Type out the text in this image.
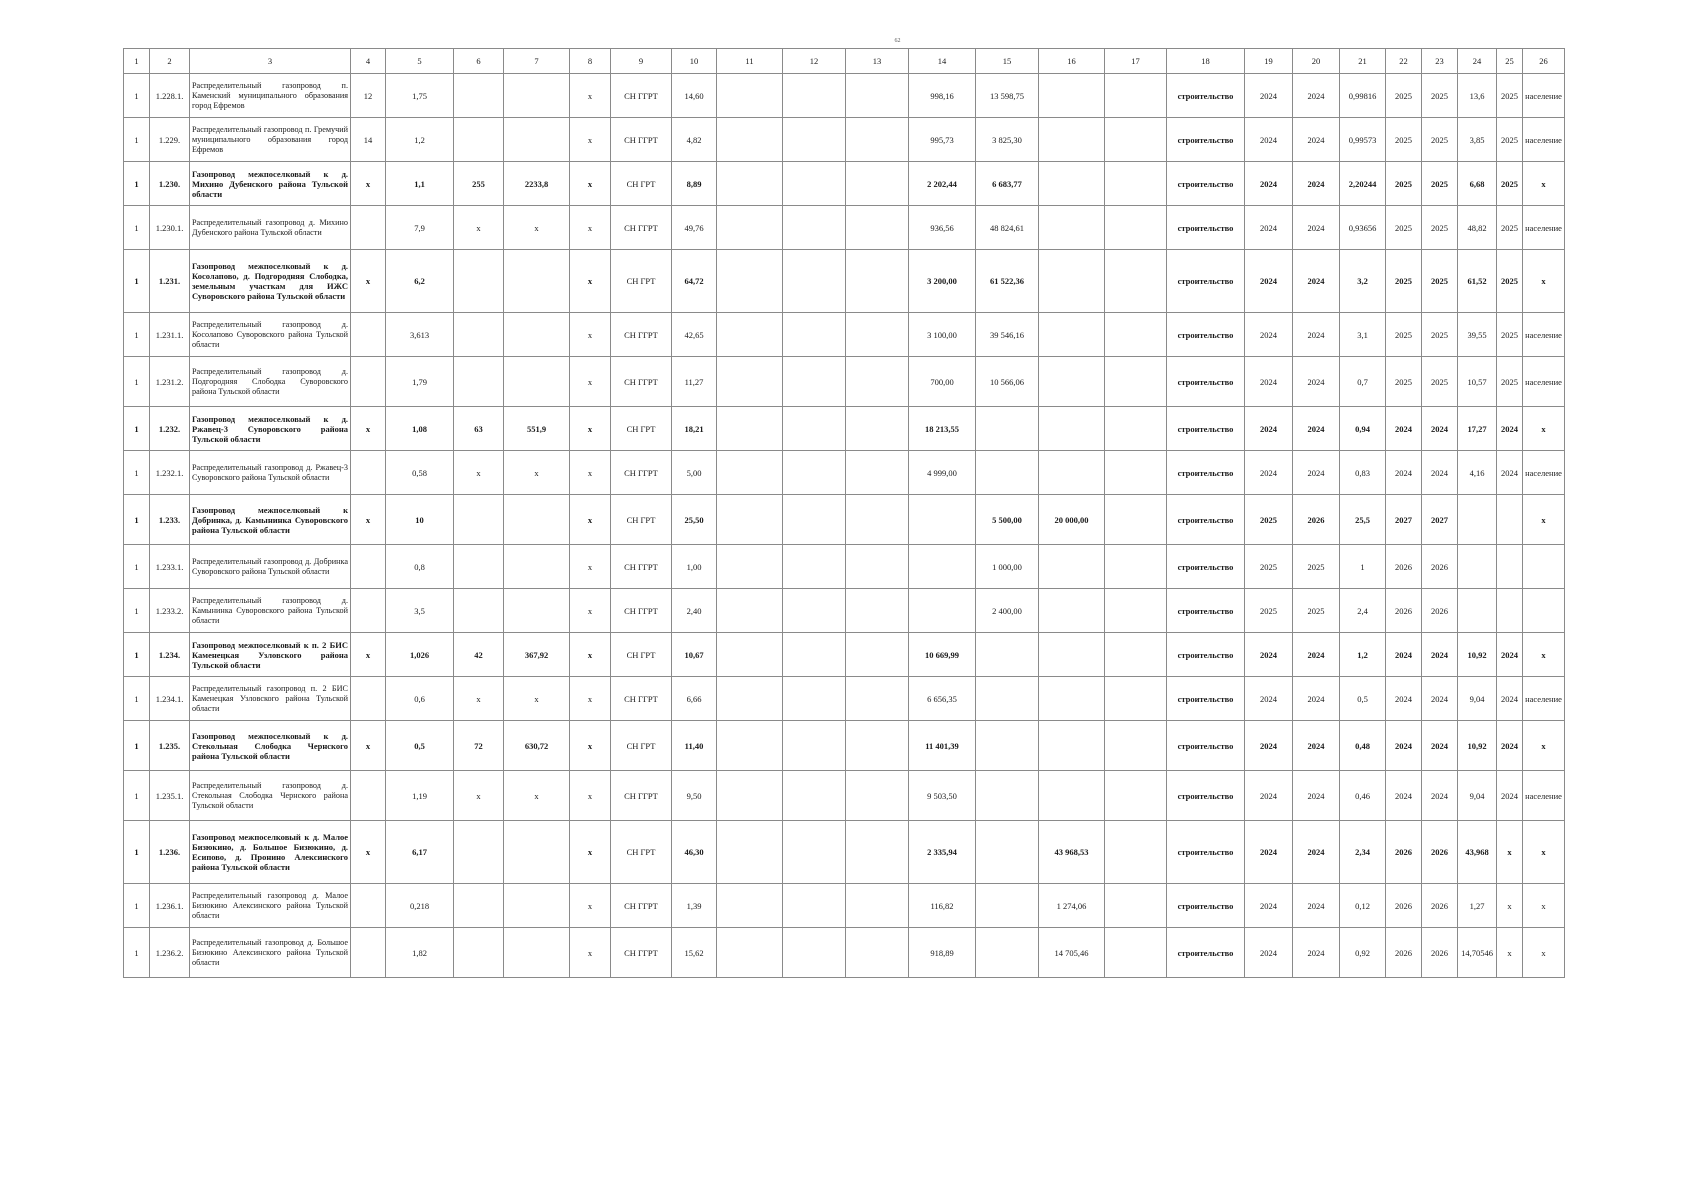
62
1	2	3	4	5	6	7	8	9	10	11	12	13	14	15	16	17	18	19	20	21	22	23	24	25	26
1	1.228.1.	Распределительный газопровод п. Каменский муниципального образования город Ефремов	12	1,75			x	СН ГГРТ	14,60				998,16	13 598,75			строительство	2024	2024	0,99816	2025	2025	13,6	2025	население
1	1.229.	Распределительный газопровод п. Гремучий муниципального образования город Ефремов	14	1,2			x	СН ГГРТ	4,82				995,73	3 825,30			строительство	2024	2024	0,99573	2025	2025	3,85	2025	население
1	1.230.	Газопровод межпоселковый к д. Михино Дубенского района Тульской области	x	1,1	255	2233,8	x	СН ГРТ	8,89				2 202,44	6 683,77			строительство	2024	2024	2,20244	2025	2025	6,68	2025	x
1	1.230.1.	Распределительный газопровод д. Михино Дубенского района Тульской области		7,9	x	x	x	СН ГГРТ	49,76				936,56	48 824,61			строительство	2024	2024	0,93656	2025	2025	48,82	2025	население
1	1.231.	Газопровод межпоселковый к д. Косолапово, д. Подгородняя Слободка, земельным участкам для ИЖС Суворовского района Тульской области	x	6,2			x	СН ГРТ	64,72				3 200,00	61 522,36			строительство	2024	2024	3,2	2025	2025	61,52	2025	x
1	1.231.1.	Распределительный газопровод д. Косолапово Суворовского района Тульской области		3,613			x	СН ГГРТ	42,65				3 100,00	39 546,16			строительство	2024	2024	3,1	2025	2025	39,55	2025	население
1	1.231.2.	Распределительный газопровод д. Подгородняя Слободка Суворовского района Тульской области		1,79			x	СН ГГРТ	11,27				700,00	10 566,06			строительство	2024	2024	0,7	2025	2025	10,57	2025	население
1	1.232.	Газопровод межпоселковый к д. Ржавец-3 Суворовского района Тульской области	x	1,08	63	551,9	x	СН ГРТ	18,21				18 213,55				строительство	2024	2024	0,94	2024	2024	17,27	2024	x
1	1.232.1.	Распределительный газопровод д. Ржавец-3 Суворовского района Тульской области		0,58	x	x	x	СН ГГРТ	5,00				4 999,00				строительство	2024	2024	0,83	2024	2024	4,16	2024	население
1	1.233.	Газопровод межпоселковый к Добринка, д. Камынинка Суворовского района Тульской области	x	10			x	СН ГРТ	25,50					5 500,00	20 000,00		строительство	2025	2026	25,5	2027	2027			x
1	1.233.1.	Распределительный газопровод д. Добринка Суворовского района Тульской области		0,8			x	СН ГГРТ	1,00					1 000,00			строительство	2025	2025	1	2026	2026			
1	1.233.2.	Распределительный газопровод д. Камынинка Суворовского района Тульской области		3,5			x	СН ГГРТ	2,40					2 400,00			строительство	2025	2025	2,4	2026	2026			
1	1.234.	Газопровод межпоселковый к п. 2 БИС Каменецкая Узловского района Тульской области	x	1,026	42	367,92	x	СН ГРТ	10,67				10 669,99				строительство	2024	2024	1,2	2024	2024	10,92	2024	x
1	1.234.1.	Распределительный газопровод п. 2 БИС Каменецкая Узловского района Тульской области		0,6	x	x	x	СН ГГРТ	6,66				6 656,35				строительство	2024	2024	0,5	2024	2024	9,04	2024	население
1	1.235.	Газопровод межпоселковый к д. Стекольная Слободка Чернского района Тульской области	x	0,5	72	630,72	x	СН ГРТ	11,40				11 401,39				строительство	2024	2024	0,48	2024	2024	10,92	2024	x
1	1.235.1.	Распределительный газопровод д. Стекольная Слободка Чернского района Тульской области		1,19	x	x	x	СН ГГРТ	9,50				9 503,50				строительство	2024	2024	0,46	2024	2024	9,04	2024	население
1	1.236.	Газопровод межпоселковый к д. Малое Бизюкино, д. Большое Бизюкино, д. Есипово, д. Пронино Алексинского района Тульской области	x	6,17			x	СН ГРТ	46,30				2 335,94		43 968,53		строительство	2024	2024	2,34	2026	2026	43,968	x	x
1	1.236.1.	Распределительный газопровод д. Малое Бизюкино Алексинского района Тульской области		0,218			x	СН ГГРТ	1,39				116,82		1 274,06		строительство	2024	2024	0,12	2026	2026	1,27	x	x
1	1.236.2.	Распределительный газопровод д. Большое Бизюкино Алексинского района Тульской области		1,82			x	СН ГГРТ	15,62				918,89		14 705,46		строительство	2024	2024	0,92	2026	2026	14,70546	x	x
